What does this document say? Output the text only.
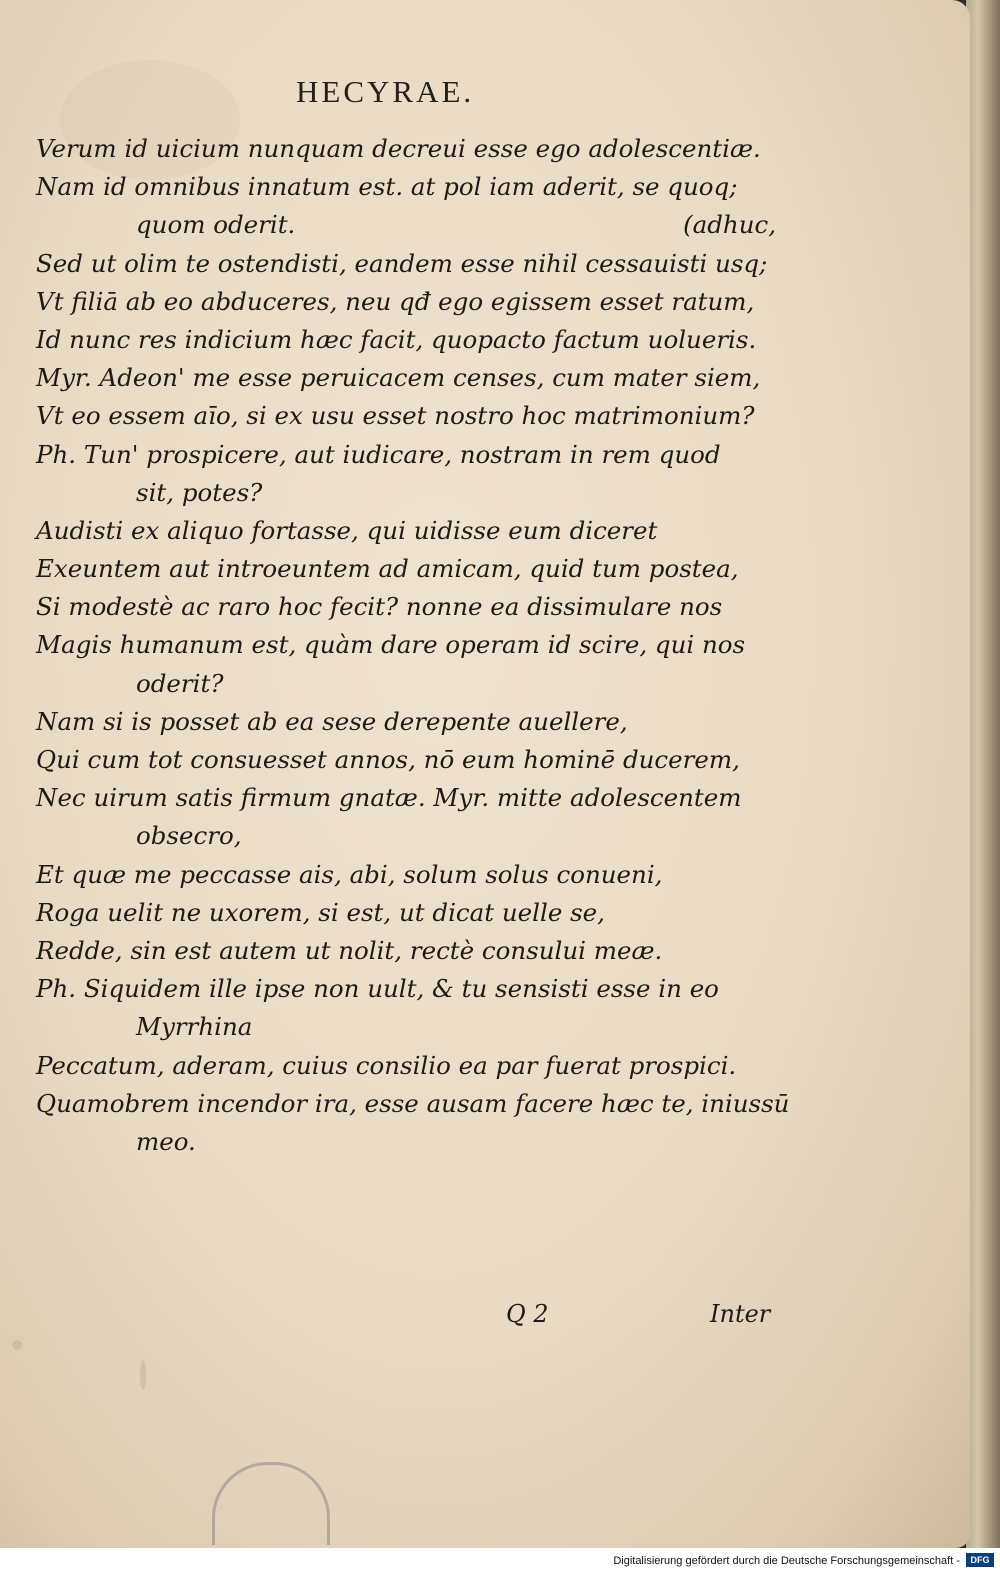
HECYRAE.
Verum id uicium nunquam decreui esse ego adolescentiæ.
Nam id omnibus innatum est. at pol iam aderit, se quoq;
quom oderit.	(adhuc,
Sed ut olim te ostendisti, eandem esse nihil cessauisti usq;
Vt filiā ab eo abduceres, neu qđ ego egissem esset ratum,
Id nunc res indicium hæc facit, quopacto factum uolueris.
Myr. Adeon' me esse peruicacem censes, cum mater siem,
Vt eo essem aīo, si ex usu esset nostro hoc matrimonium?
Ph. Tun' prospicere, aut iudicare, nostram in rem quod
sit, potes?
Audisti ex aliquo fortasse, qui uidisse eum diceret
Exeuntem aut introeuntem ad amicam, quid tum postea,
Si modestè ac raro hoc fecit? nonne ea dissimulare nos
Magis humanum est, quàm dare operam id scire, qui nos
oderit?
Nam si is posset ab ea sese derepente auellere,
Qui cum tot consuesset annos, nō eum hominē ducerem,
Nec uirum satis firmum gnatæ. Myr. mitte adolescentem
obsecro,
Et quæ me peccasse ais, abi, solum solus conueni,
Roga uelit ne uxorem, si est, ut dicat uelle se,
Redde, sin est autem ut nolit, rectè consului meæ.
Ph. Siquidem ille ipse non uult, & tu sensisti esse in eo
Myrrhina
Peccatum, aderam, cuius consilio ea par fuerat prospici.
Quamobrem incendor ira, esse ausam facere hæc te, iniussū
meo.
Q 2	Inter
Digitalisierung gefördert durch die Deutsche Forschungsgemeinschaft -	DFG
